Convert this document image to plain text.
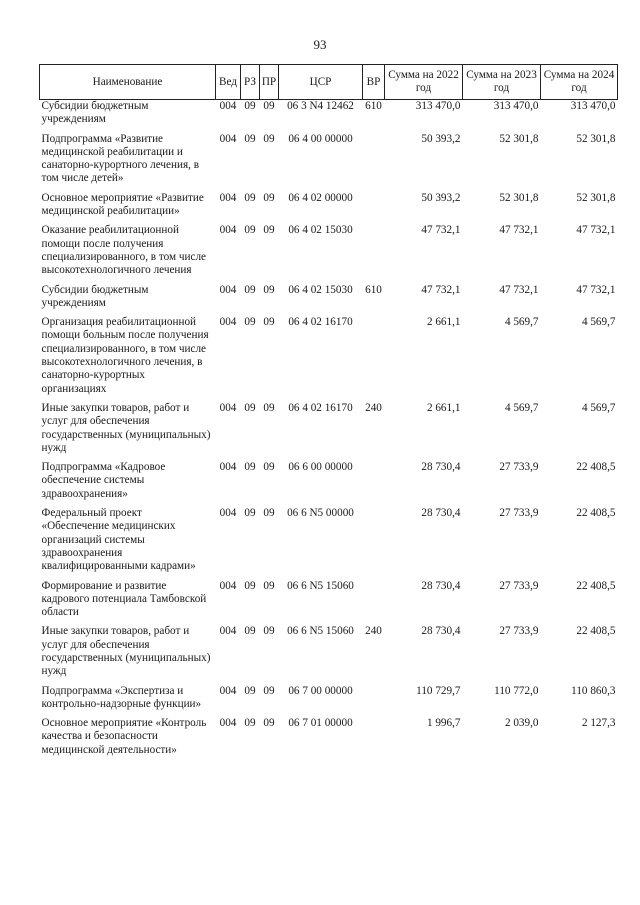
93
Наименование	Вед	РЗ	ПР	ЦСР	ВР	Сумма на 2022 год	Сумма на 2023 год	Сумма на 2024 год
Субсидии бюджетным учреждениям	004	09	09	06 3 N4 12462	610	313 470,0	313 470,0	313 470,0
Подпрограмма «Развитие медицинской реабилитации и санаторно-курортного лечения, в том числе детей»	004	09	09	06 4 00 00000		50 393,2	52 301,8	52 301,8
Основное мероприятие «Развитие медицинской реабилитации»	004	09	09	06 4 02 00000		50 393,2	52 301,8	52 301,8
Оказание реабилитационной помощи после получения специализированного, в том числе высокотехнологичного лечения	004	09	09	06 4 02 15030		47 732,1	47 732,1	47 732,1
Субсидии бюджетным учреждениям	004	09	09	06 4 02 15030	610	47 732,1	47 732,1	47 732,1
Организация реабилитационной помощи больным после получения специализированного, в том числе высокотехнологичного лечения, в санаторно-курортных организациях	004	09	09	06 4 02 16170		2 661,1	4 569,7	4 569,7
Иные закупки товаров, работ и услуг для обеспечения государственных (муниципальных) нужд	004	09	09	06 4 02 16170	240	2 661,1	4 569,7	4 569,7
Подпрограмма «Кадровое обеспечение системы здравоохранения»	004	09	09	06 6 00 00000		28 730,4	27 733,9	22 408,5
Федеральный проект «Обеспечение медицинских организаций системы здравоохранения квалифицированными кадрами»	004	09	09	06 6 N5 00000		28 730,4	27 733,9	22 408,5
Формирование и развитие кадрового потенциала Тамбовской области	004	09	09	06 6 N5 15060		28 730,4	27 733,9	22 408,5
Иные закупки товаров, работ и услуг для обеспечения государственных (муниципальных) нужд	004	09	09	06 6 N5 15060	240	28 730,4	27 733,9	22 408,5
Подпрограмма «Экспертиза и контрольно-надзорные функции»	004	09	09	06 7 00 00000		110 729,7	110 772,0	110 860,3
Основное мероприятие «Контроль качества и безопасности медицинской деятельности»	004	09	09	06 7 01 00000		1 996,7	2 039,0	2 127,3
